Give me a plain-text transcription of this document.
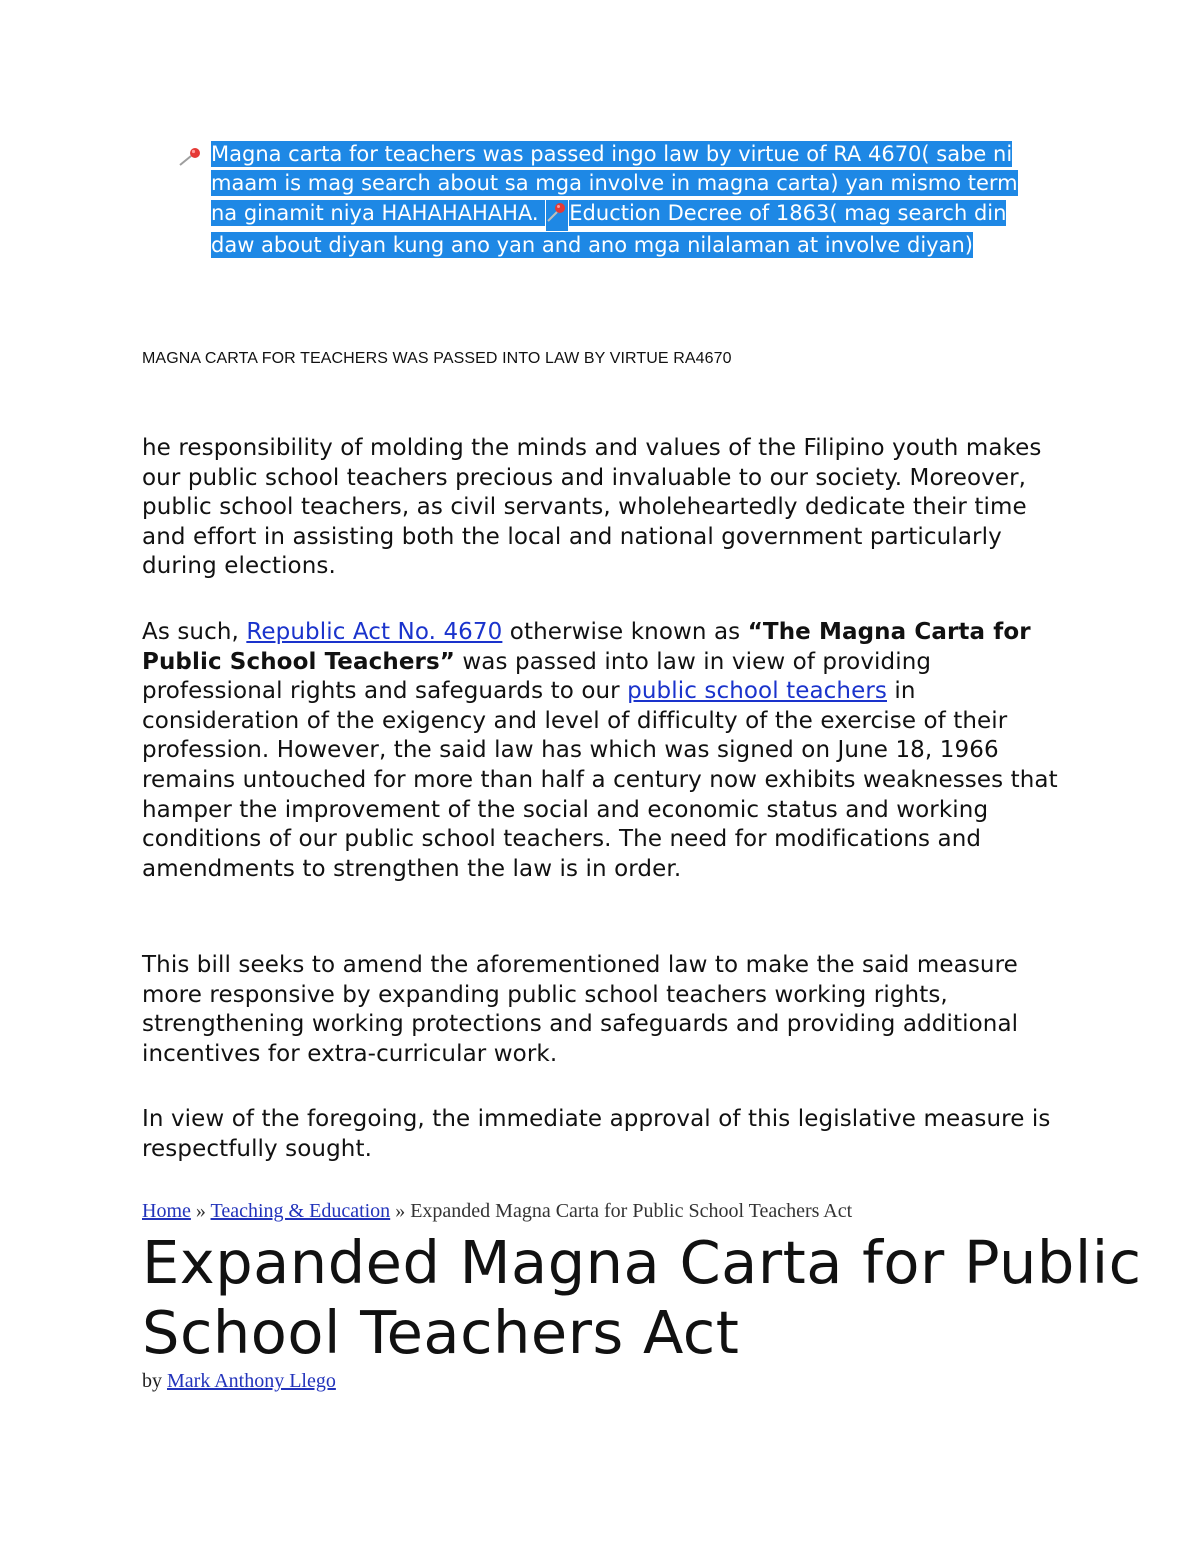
Magna carta for teachers was passed ingo law by virtue of RA 4670( sabe ni maam is mag search about sa mga involve in magna carta) yan mismo term na ginamit niya HAHAHAHAHA. Eduction Decree of 1863( mag search din daw about diyan kung ano yan and ano mga nilalaman at involve diyan)
MAGNA CARTA FOR TEACHERS WAS PASSED INTO LAW BY VIRTUE RA4670

he responsibility of molding the minds and values of the Filipino youth makes our public school teachers precious and invaluable to our society. Moreover, public school teachers, as civil servants, wholeheartedly dedicate their time and effort in assisting both the local and national government particularly during elections.

As such, Republic Act No. 4670 otherwise known as “The Magna Carta for Public School Teachers” was passed into law in view of providing professional rights and safeguards to our public school teachers in consideration of the exigency and level of difficulty of the exercise of their profession. However, the said law has which was signed on June 18, 1966 remains untouched for more than half a century now exhibits weaknesses that hamper the improvement of the social and economic status and working conditions of our public school teachers. The need for modifications and amendments to strengthen the law is in order.

This bill seeks to amend the aforementioned law to make the said measure more responsive by expanding public school teachers working rights, strengthening working protections and safeguards and providing additional incentives for extra-curricular work.

In view of the foregoing, the immediate approval of this legislative measure is respectfully sought.

Home » Teaching & Education » Expanded Magna Carta for Public School Teachers Act
Expanded Magna Carta for Public School Teachers Act
by Mark Anthony Llego
